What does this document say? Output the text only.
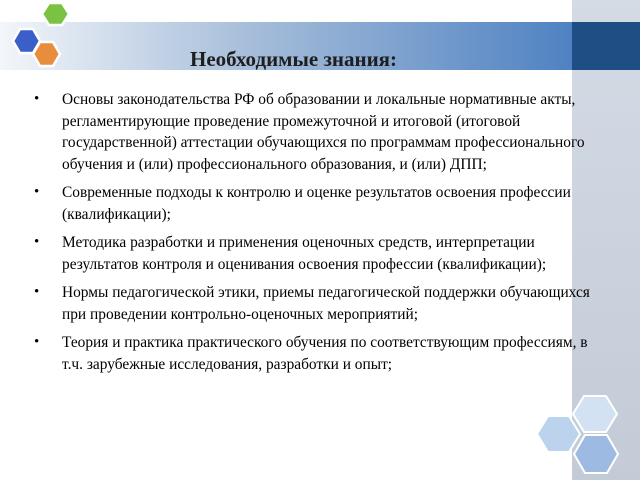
Необходимые знания:
• Основы законодательства РФ об образовании и локальные нормативные акты, регламентирующие проведение промежуточной и итоговой (итоговой государственной) аттестации обучающихся по программам профессионального обучения и (или) профессионального образования, и (или) ДПП;
• Современные подходы к контролю и оценке результатов освоения профессии (квалификации);
• Методика разработки и применения оценочных средств, интерпретации результатов контроля и оценивания освоения профессии (квалификации);
• Нормы педагогической этики, приемы педагогической поддержки обучающихся при проведении контрольно-оценочных мероприятий;
• Теория и практика практического обучения по соответствующим профессиям, в т.ч. зарубежные исследования, разработки и опыт;
